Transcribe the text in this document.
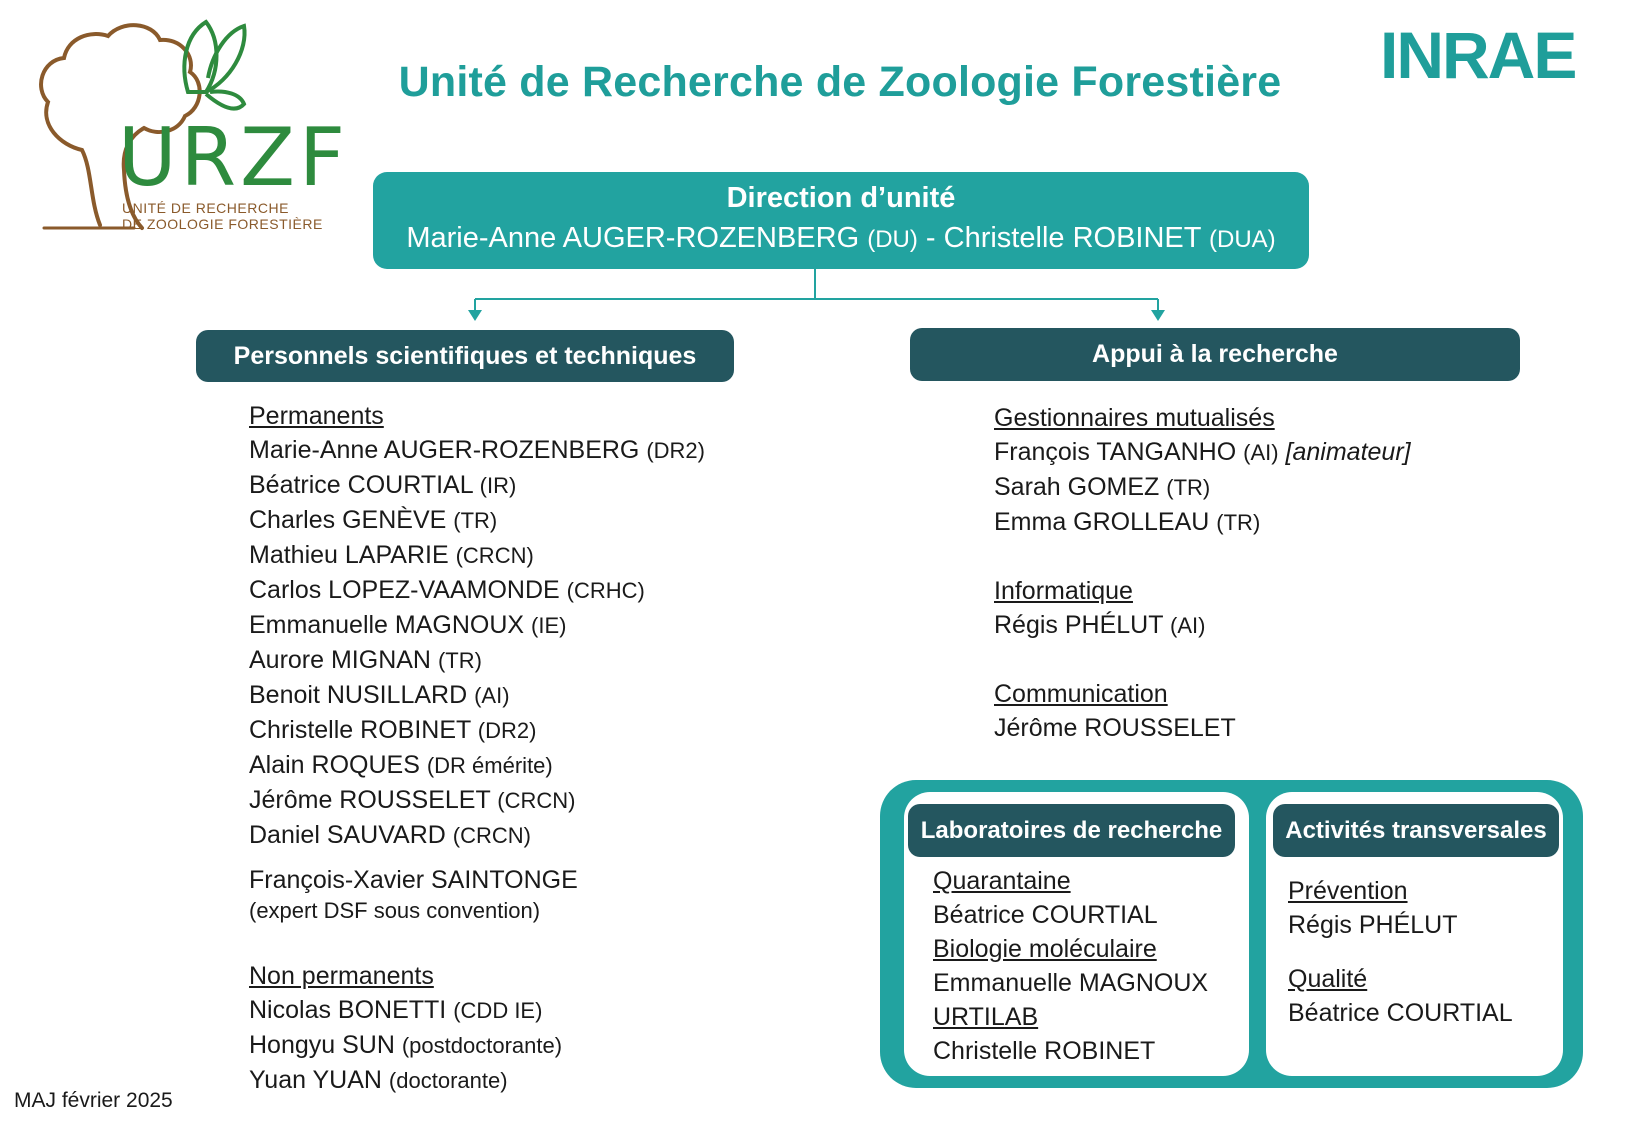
URZF
UNITÉ DE RECHERCHE
DE ZOOLOGIE FORESTIÈRE
Unité de Recherche de Zoologie Forestière	INRAE
Direction d’unité
Marie-Anne AUGER-ROZENBERG (DU) - Christelle ROBINET (DUA)
Personnels scientifiques et techniques	Appui à la recherche
Permanents
Marie-Anne AUGER-ROZENBERG (DR2)
Béatrice COURTIAL (IR)
Charles GENÈVE (TR)
Mathieu LAPARIE (CRCN)
Carlos LOPEZ-VAAMONDE (CRHC)
Emmanuelle MAGNOUX (IE)
Aurore MIGNAN (TR)
Benoit NUSILLARD (AI)
Christelle ROBINET (DR2)
Alain ROQUES (DR émérite)
Jérôme ROUSSELET (CRCN)
Daniel SAUVARD (CRCN)
François-Xavier SAINTONGE
(expert DSF sous convention)
Non permanents
Nicolas BONETTI (CDD IE)
Hongyu SUN (postdoctorante)
Yuan YUAN (doctorante)
Gestionnaires mutualisés
François TANGANHO (AI) [animateur]
Sarah GOMEZ (TR)
Emma GROLLEAU (TR)
Informatique
Régis PHÉLUT (AI)
Communication
Jérôme ROUSSELET
Laboratoires de recherche	Activités transversales
Quarantaine
Béatrice COURTIAL
Biologie moléculaire
Emmanuelle MAGNOUX
URTILAB
Christelle ROBINET
Prévention
Régis PHÉLUT
Qualité
Béatrice COURTIAL
MAJ février 2025
